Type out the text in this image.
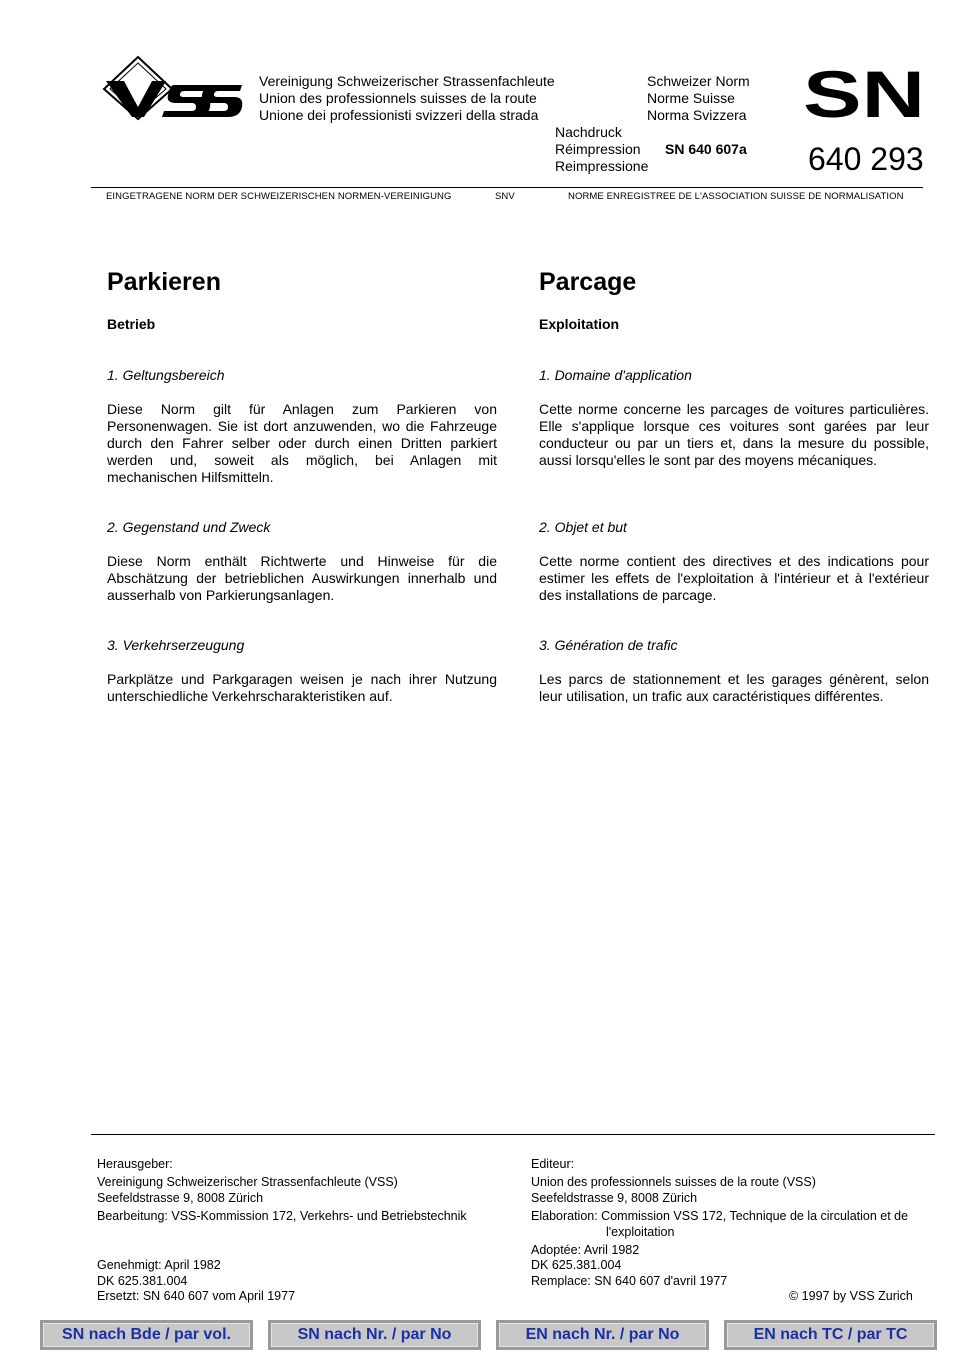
Vereinigung Schweizerischer Strassenfachleute
Union des professionnels suisses de la route
Unione dei professionisti svizzeri della strada
Schweizer Norm
Norme Suisse
Norma Svizzera
Nachdruck
Réimpression
Reimpressione
SN 640 607a
SN
640 293
EINGETRAGENE NORM DER SCHWEIZERISCHEN NORMEN-VEREINIGUNG	SNV	NORME ENREGISTREE DE L'ASSOCIATION SUISSE DE NORMALISATION
Parkieren
Betrieb
1. Geltungsbereich
Diese Norm gilt für Anlagen zum Parkieren von Personenwagen. Sie ist dort anzuwenden, wo die Fahrzeuge durch den Fahrer selber oder durch einen Dritten parkiert werden und, soweit als möglich, bei Anlagen mit mechanischen Hilfsmitteln.
2. Gegenstand und Zweck
Diese Norm enthält Richtwerte und Hinweise für die Abschätzung der betrieblichen Auswirkungen innerhalb und ausserhalb von Parkierungsanlagen.
3. Verkehrserzeugung
Parkplätze und Parkgaragen weisen je nach ihrer Nutzung unterschiedliche Verkehrscharakteristiken auf.
Parcage
Exploitation
1. Domaine d'application
Cette norme concerne les parcages de voitures particulières. Elle s'applique lorsque ces voitures sont garées par leur conducteur ou par un tiers et, dans la mesure du possible, aussi lorsqu'elles le sont par des moyens mécaniques.
2. Objet et but
Cette norme contient des directives et des indications pour estimer les effets de l'exploitation à l'intérieur et à l'extérieur des installations de parcage.
3. Génération de trafic
Les parcs de stationnement et les garages génèrent, selon leur utilisation, un trafic aux caractéristiques différentes.
Herausgeber:
Vereinigung Schweizerischer Strassenfachleute (VSS)
Seefeldstrasse 9, 8008 Zürich
Bearbeitung: VSS-Kommission 172, Verkehrs- und Betriebstechnik
Genehmigt: April 1982
DK 625.381.004
Ersetzt: SN 640 607 vom April 1977
Editeur:
Union des professionnels suisses de la route (VSS)
Seefeldstrasse 9, 8008 Zürich
Elaboration: Commission VSS 172, Technique de la circulation et de
l'exploitation
Adoptée: Avril 1982
DK 625.381.004
Remplace: SN 640 607 d'avril 1977
© 1997 by VSS Zurich
SN nach Bde / par vol.	SN nach Nr. / par No	EN nach Nr. / par No	EN nach TC / par TC
